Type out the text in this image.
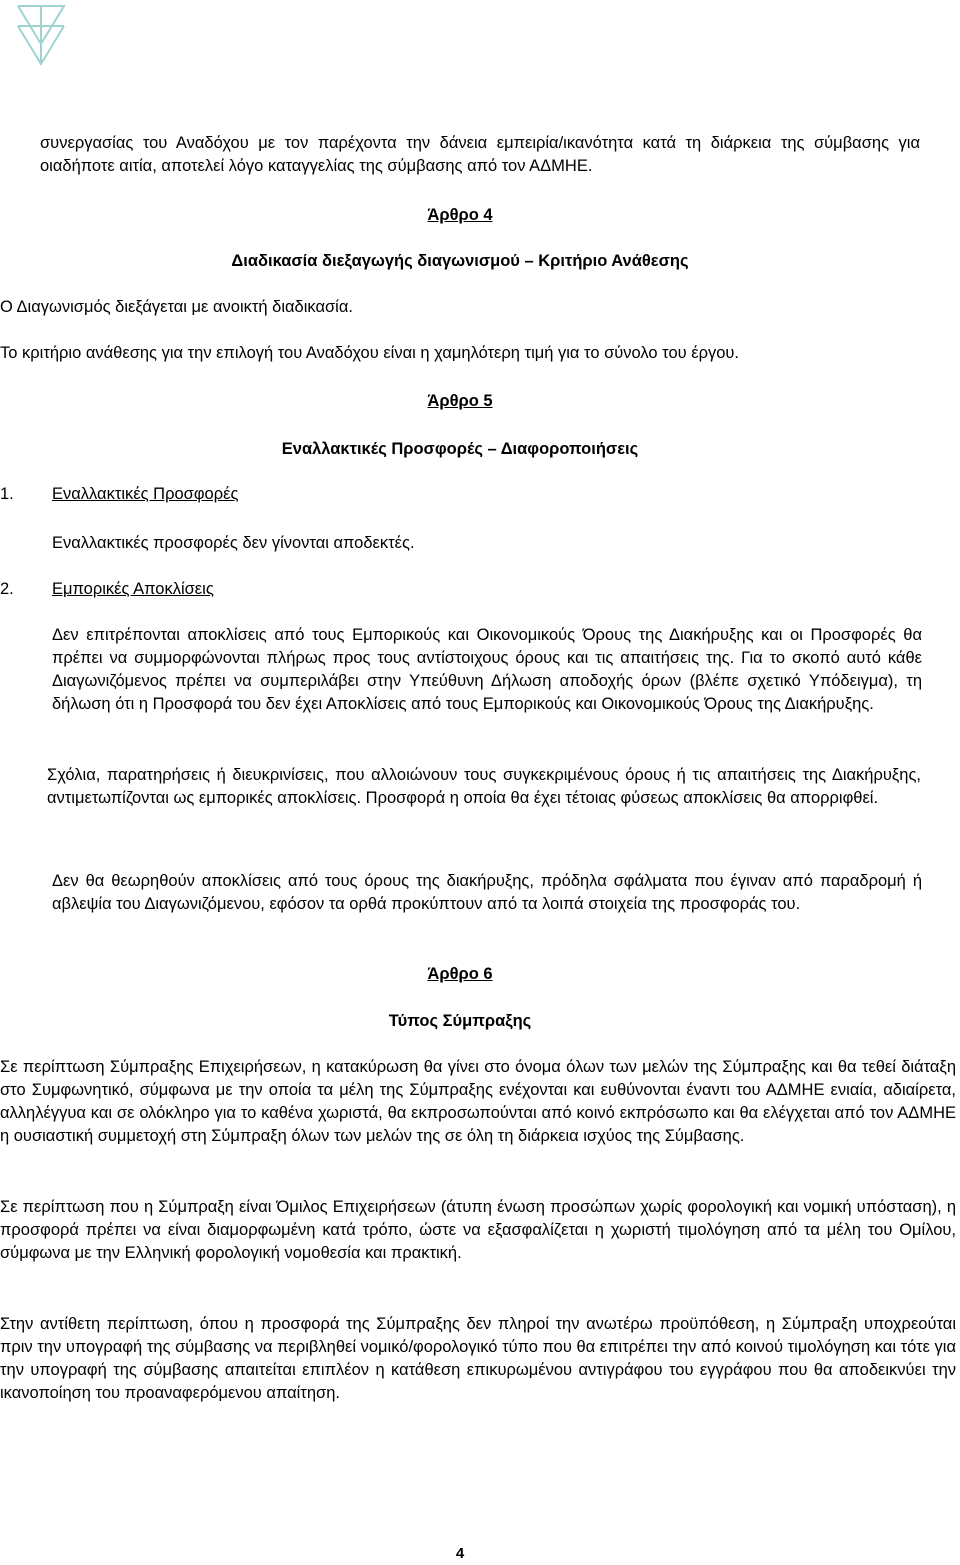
συνεργασίας του Αναδόχου με τον παρέχοντα την δάνεια εμπειρία/ικανότητα κατά τη διάρκεια της σύμβασης για οιαδήποτε αιτία, αποτελεί λόγο καταγγελίας της σύμβασης από τον ΑΔΜΗΕ.

Άρθρο 4

Διαδικασία διεξαγωγής διαγωνισμού – Κριτήριο Ανάθεσης

Ο Διαγωνισμός διεξάγεται με ανοικτή διαδικασία.

Το κριτήριο ανάθεσης για την επιλογή του Αναδόχου είναι η χαμηλότερη τιμή για το σύνολο του έργου.

Άρθρο 5

Εναλλακτικές Προσφορές – Διαφοροποιήσεις

1. Εναλλακτικές Προσφορές

Εναλλακτικές προσφορές δεν γίνονται αποδεκτές.

2. Εμπορικές Αποκλίσεις

Δεν επιτρέπονται αποκλίσεις από τους Εμπορικούς και Οικονομικούς Όρους της Διακήρυξης και οι Προσφορές θα πρέπει να συμμορφώνονται πλήρως προς τους αντίστοιχους όρους και τις απαιτήσεις της. Για το σκοπό αυτό κάθε Διαγωνιζόμενος πρέπει να συμπεριλάβει στην Υπεύθυνη Δήλωση αποδοχής όρων (βλέπε σχετικό Υπόδειγμα), τη δήλωση ότι η Προσφορά του δεν έχει Αποκλίσεις από τους Εμπορικούς και Οικονομικούς Όρους της Διακήρυξης.

Σχόλια, παρατηρήσεις ή διευκρινίσεις, που αλλοιώνουν τους συγκεκριμένους όρους ή τις απαιτήσεις της Διακήρυξης, αντιμετωπίζονται ως εμπορικές αποκλίσεις. Προσφορά η οποία θα έχει τέτοιας φύσεως αποκλίσεις θα απορριφθεί.

Δεν θα θεωρηθούν αποκλίσεις από τους όρους της διακήρυξης, πρόδηλα σφάλματα που έγιναν από παραδρομή ή αβλεψία του Διαγωνιζόμενου, εφόσον τα ορθά προκύπτουν από τα λοιπά στοιχεία της προσφοράς του.

Άρθρο 6

Τύπος Σύμπραξης

Σε περίπτωση Σύμπραξης Επιχειρήσεων, η κατακύρωση θα γίνει στο όνομα όλων των μελών της Σύμπραξης και θα τεθεί διάταξη στο Συμφωνητικό, σύμφωνα με την οποία τα μέλη της Σύμπραξης ενέχονται και ευθύνονται έναντι του ΑΔΜΗΕ ενιαία, αδιαίρετα, αλληλέγγυα και σε ολόκληρο για το καθένα χωριστά, θα εκπροσωπούνται από κοινό εκπρόσωπο και θα ελέγχεται από τον ΑΔΜΗΕ η ουσιαστική συμμετοχή στη Σύμπραξη όλων των μελών της σε όλη τη διάρκεια ισχύος της Σύμβασης.

Σε περίπτωση που η Σύμπραξη είναι Όμιλος Επιχειρήσεων (άτυπη ένωση προσώπων χωρίς φορολογική και νομική υπόσταση), η προσφορά πρέπει να είναι διαμορφωμένη κατά τρόπο, ώστε να εξασφαλίζεται η χωριστή τιμολόγηση από τα μέλη του Ομίλου, σύμφωνα με την Ελληνική φορολογική νομοθεσία και πρακτική.

Στην αντίθετη περίπτωση, όπου η προσφορά της Σύμπραξης δεν πληροί την ανωτέρω προϋπόθεση, η Σύμπραξη υποχρεούται πριν την υπογραφή της σύμβασης να περιβληθεί νομικό/φορολογικό τύπο που θα επιτρέπει την από κοινού τιμολόγηση και τότε για την υπογραφή της σύμβασης απαιτείται επιπλέον η κατάθεση επικυρωμένου αντιγράφου του εγγράφου που θα αποδεικνύει την ικανοποίηση του προαναφερόμενου απαίτηση.

4
